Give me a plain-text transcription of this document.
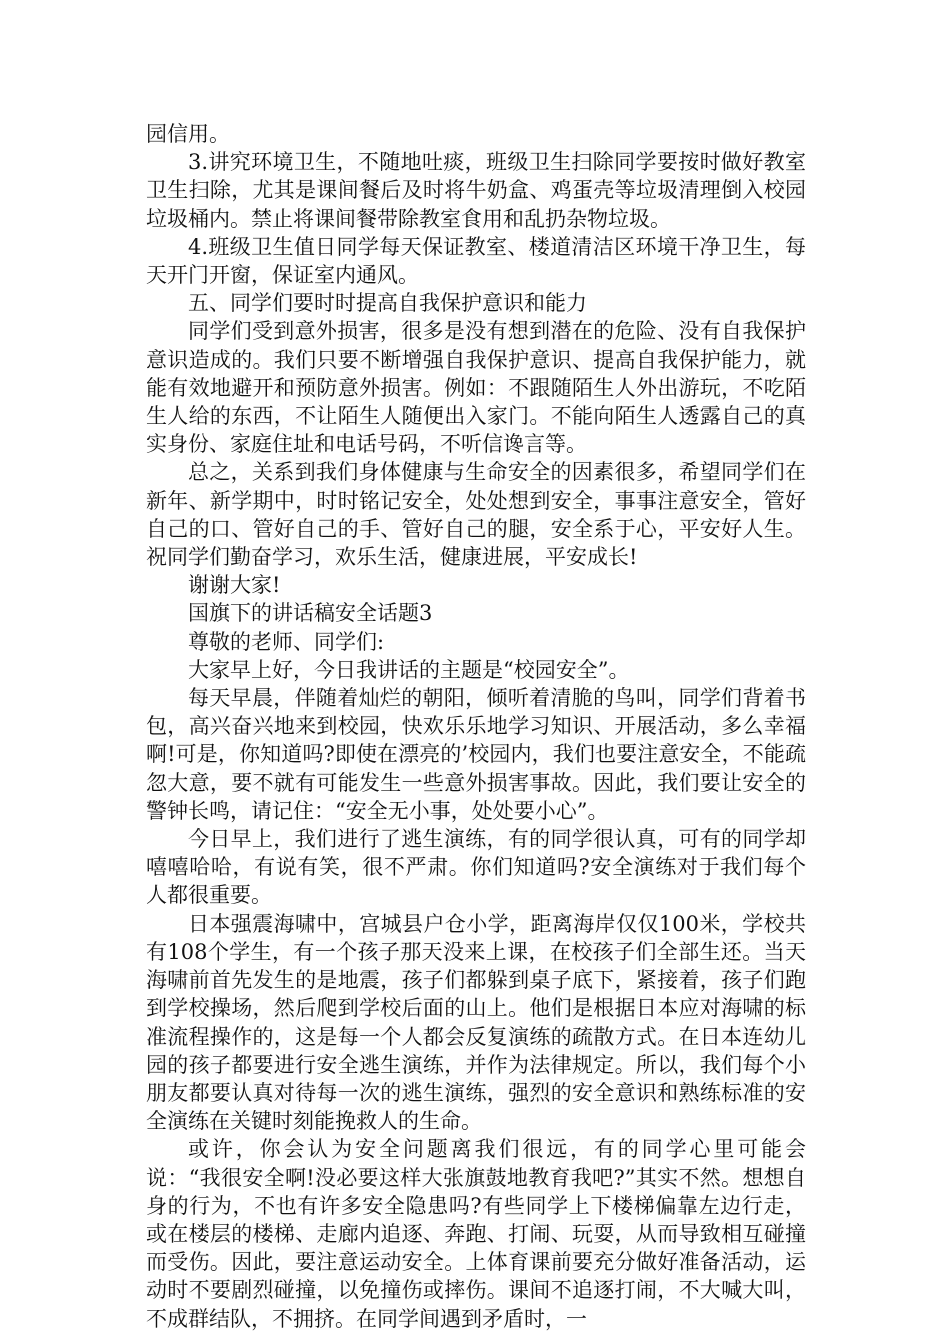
园信用。

3.讲究环境卫生，不随地吐痰，班级卫生扫除同学要按时做好教室卫生扫除，尤其是课间餐后及时将牛奶盒、鸡蛋壳等垃圾清理倒入校园垃圾桶内。禁止将课间餐带除教室食用和乱扔杂物垃圾。

4.班级卫生值日同学每天保证教室、楼道清洁区环境干净卫生，每天开门开窗，保证室内通风。

五、同学们要时时提高自我保护意识和能力

同学们受到意外损害，很多是没有想到潜在的危险、没有自我保护意识造成的。我们只要不断增强自我保护意识、提高自我保护能力，就能有效地避开和预防意外损害。例如：不跟随陌生人外出游玩，不吃陌生人给的东西，不让陌生人随便出入家门。不能向陌生人透露自己的真实身份、家庭住址和电话号码，不听信谗言等。

总之，关系到我们身体健康与生命安全的因素很多，希望同学们在新年、新学期中，时时铭记安全，处处想到安全，事事注意安全，管好自己的口、管好自己的手、管好自己的腿，安全系于心，平安好人生。祝同学们勤奋学习，欢乐生活，健康进展，平安成长!

谢谢大家!

国旗下的讲话稿安全话题3

尊敬的老师、同学们:

大家早上好，今日我讲话的主题是“校园安全”。

每天早晨，伴随着灿烂的朝阳，倾听着清脆的鸟叫，同学们背着书包，高兴奋兴地来到校园，快欢乐乐地学习知识、开展活动，多么幸福啊!可是，你知道吗?即使在漂亮的’校园内，我们也要注意安全，不能疏忽大意，要不就有可能发生一些意外损害事故。因此，我们要让安全的警钟长鸣，请记住：“安全无小事，处处要小心”。

今日早上，我们进行了逃生演练，有的同学很认真，可有的同学却嘻嘻哈哈，有说有笑，很不严肃。你们知道吗?安全演练对于我们每个人都很重要。

日本强震海啸中，宫城县户仓小学，距离海岸仅仅100米，学校共有108个学生，有一个孩子那天没来上课，在校孩子们全部生还。当天海啸前首先发生的是地震，孩子们都躲到桌子底下，紧接着，孩子们跑到学校操场，然后爬到学校后面的山上。他们是根据日本应对海啸的标准流程操作的，这是每一个人都会反复演练的疏散方式。在日本连幼儿园的孩子都要进行安全逃生演练，并作为法律规定。所以，我们每个小朋友都要认真对待每一次的逃生演练，强烈的安全意识和熟练标准的安全演练在关键时刻能挽救人的生命。

或许，你会认为安全问题离我们很远，有的同学心里可能会说：“我很安全啊!没必要这样大张旗鼓地教育我吧?”其实不然。想想自身的行为，不也有许多安全隐患吗?有些同学上下楼梯偏靠左边行走，或在楼层的楼梯、走廊内追逐、奔跑、打闹、玩耍，从而导致相互碰撞而受伤。因此，要注意运动安全。上体育课前要充分做好准备活动，运动时不要剧烈碰撞，以免撞伤或摔伤。课间不追逐打闹，不大喊大叫，不成群结队，不拥挤。在同学间遇到矛盾时，一
